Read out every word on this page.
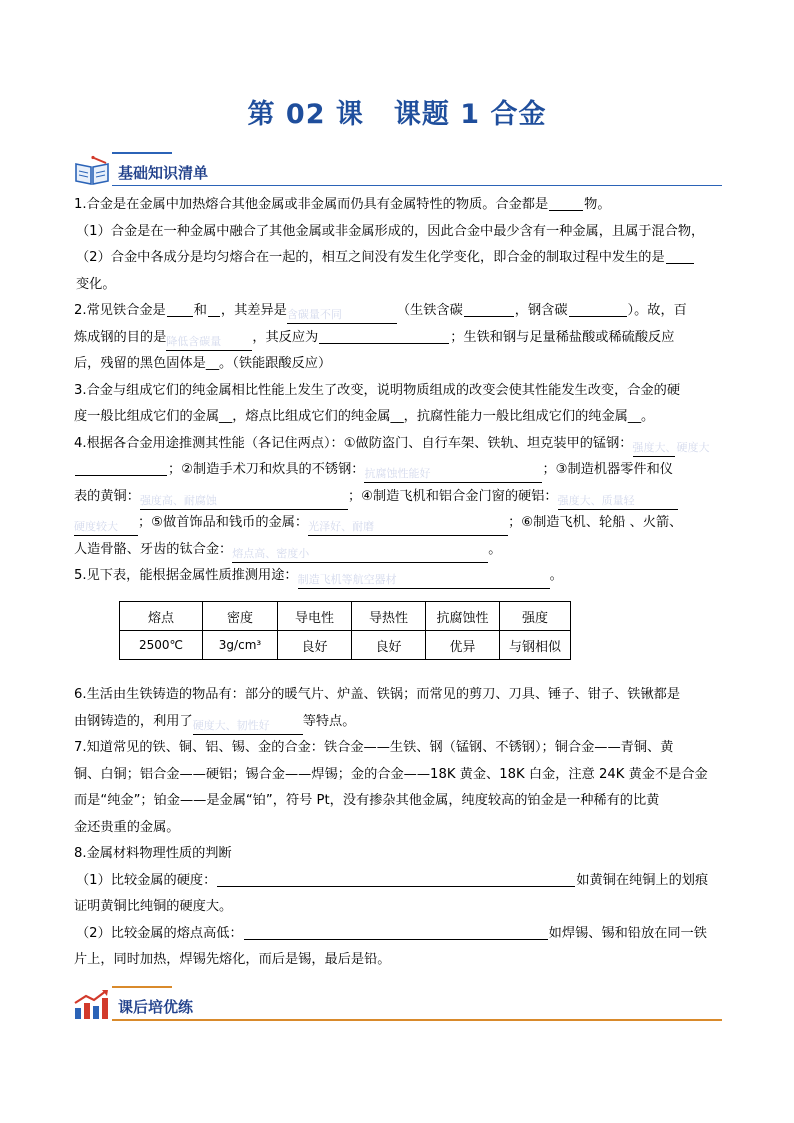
第 02 课 课题 1 合金
基础知识清单
1.合金是在金属中加热熔合其他金属或非金属而仍具有金属特性的物质。合金都是	物。
（1）合金是在一种金属中融合了其他金属或非金属形成的，因此合金中最少含有一种金属，且属于混合物，
（2）合金中各成分是均匀熔合在一起的，相互之间没有发生化学变化，即合金的制取过程中发生的是
变化。
2.常见铁合金是 和 ，其差异是含碳量不同	（生铁含碳	，钢含碳	）。故，百
炼成钢的目的是降低含碳量 ，其反应为	；生铁和钢与足量稀盐酸或稀硫酸反应
后，残留的黑色固体是__。（铁能跟酸反应）
3.合金与组成它们的纯金属相比性能上发生了改变，说明物质组成的改变会使其性能发生改变，合金的硬
度一般比组成它们的金属__，熔点比组成它们的纯金属__，抗腐性能力一般比组成它们的纯金属__。
4.根据各合金用途推测其性能（各记住两点）：①做防盗门、自行车架、铁轨、坦克装甲的锰钢：强度大、硬度大
；②制造手术刀和炊具的不锈钢：抗腐蚀性能好	；③制造机器零件和仪
表的黄铜：强度高、耐腐蚀	；④制造飞机和铝合金门窗的硬铝：强度大、质量轻
硬度较大 ；⑤做首饰品和钱币的金属：光泽好、耐磨	；⑥制造飞机、轮船 、火箭、
人造骨骼、牙齿的钛合金：熔点高、密度小	。
5.见下表，能根据金属性质推测用途：制造飞机等航空器材	。
熔点	密度	导电性	导热性	抗腐蚀性	强度
2500℃	3g/cm³	良好	良好	优异	与钢相似
6.生活由生铁铸造的物品有：部分的暖气片、炉盖、铁锅；而常见的剪刀、刀具、锤子、钳子、铁锹都是
由钢铸造的，利用了硬度大、韧性好	等特点。
7.知道常见的铁、铜、铝、锡、金的合金：铁合金——生铁、钢（锰钢、不锈钢）；铜合金——青铜、黄
铜、白铜；铝合金——硬铝；锡合金——焊锡；金的合金——18K 黄金、18K 白金，注意 24K 黄金不是合金
而是“纯金”；铂金——是金属“铂”，符号 Pt，没有掺杂其他金属，纯度较高的铂金是一种稀有的比黄
金还贵重的金属。
8.金属材料物理性质的判断
（1）比较金属的硬度：	如黄铜在纯铜上的划痕
证明黄铜比纯铜的硬度大。
（2）比较金属的熔点高低：	如焊锡、锡和铅放在同一铁
片上，同时加热，焊锡先熔化，而后是锡，最后是铅。
课后培优练
